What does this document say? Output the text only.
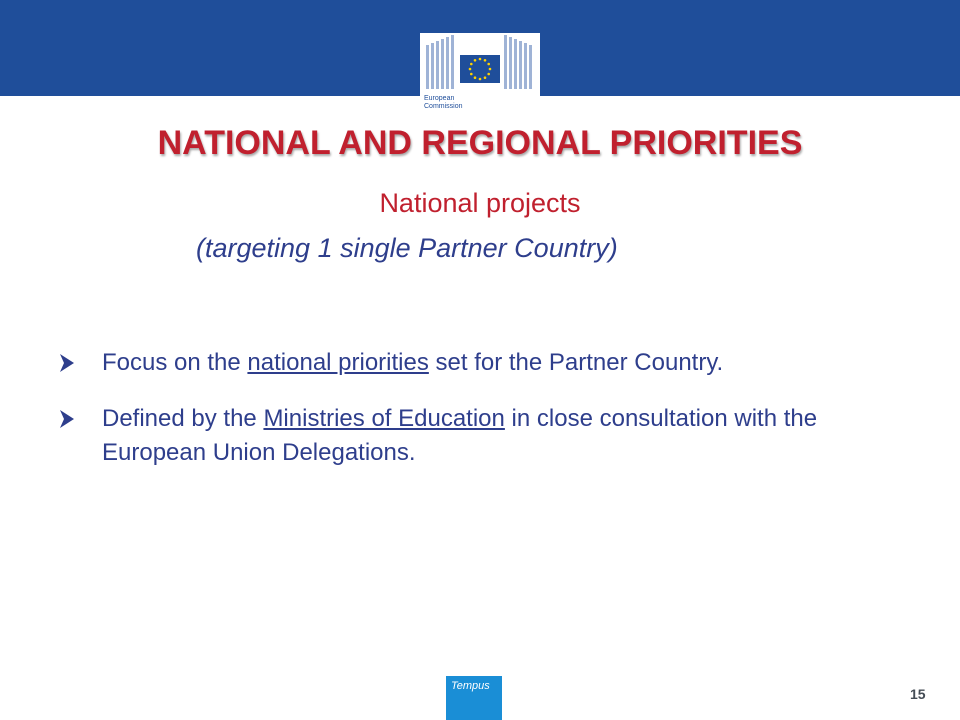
European
Commission
NATIONAL AND REGIONAL PRIORITIES
National projects
(targeting 1 single Partner Country)
Focus on the national priorities set for the Partner Country.
Defined by the Ministries of Education in close consultation with the European Union Delegations.
Tempus	15
